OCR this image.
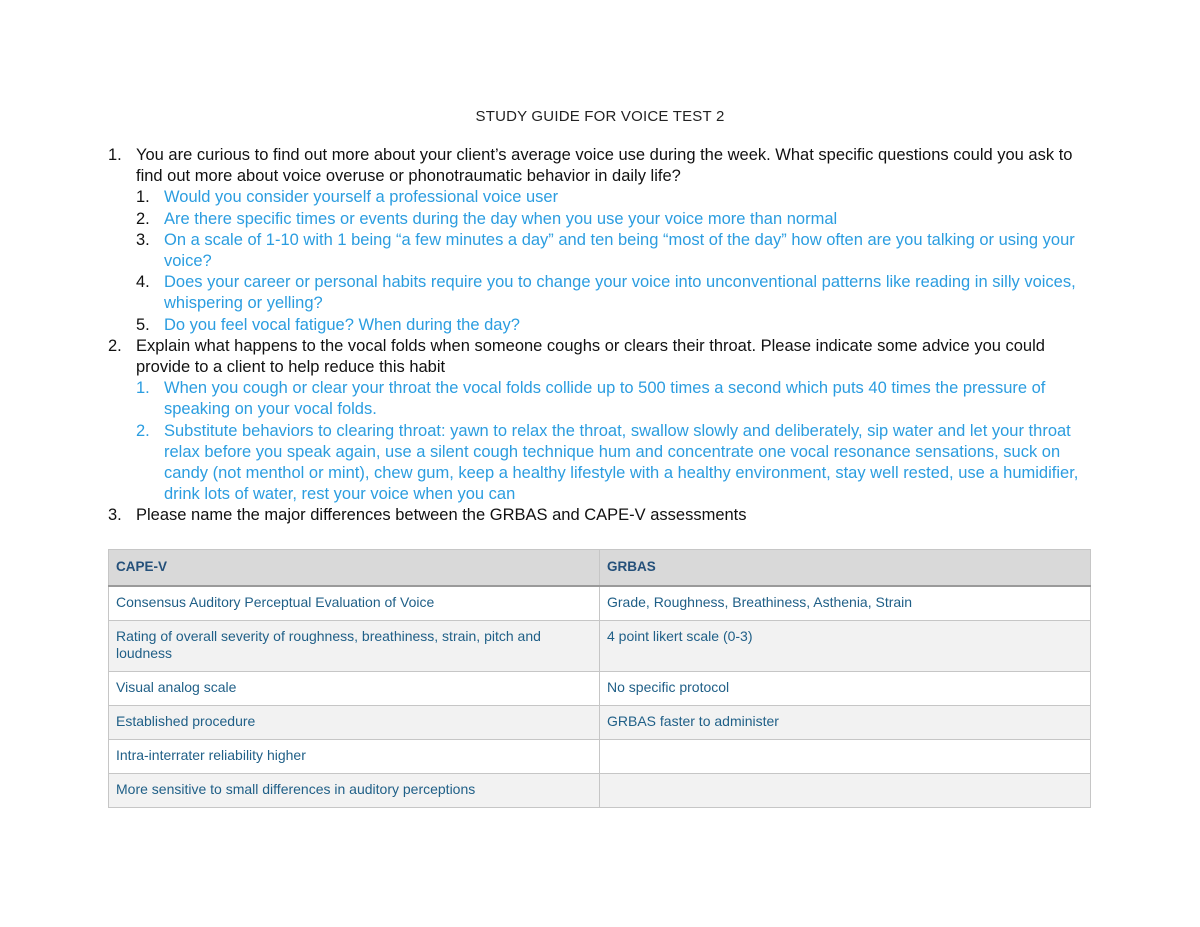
STUDY GUIDE FOR VOICE TEST 2
1. You are curious to find out more about your client’s average voice use during the week. What specific questions could you ask to find out more about voice overuse or phonotraumatic behavior in daily life?
1. Would you consider yourself a professional voice user
2. Are there specific times or events during the day when you use your voice more than normal
3. On a scale of 1-10 with 1 being “a few minutes a day” and ten being “most of the day” how often are you talking or using your voice?
4. Does your career or personal habits require you to change your voice into unconventional patterns like reading in silly voices, whispering or yelling?
5. Do you feel vocal fatigue? When during the day?
2. Explain what happens to the vocal folds when someone coughs or clears their throat. Please indicate some advice you could provide to a client to help reduce this habit
1. When you cough or clear your throat the vocal folds collide up to 500 times a second which puts 40 times the pressure of speaking on your vocal folds.
2. Substitute behaviors to clearing throat: yawn to relax the throat, swallow slowly and deliberately, sip water and let your throat relax before you speak again, use a silent cough technique hum and concentrate one vocal resonance sensations, suck on candy (not menthol or mint), chew gum, keep a healthy lifestyle with a healthy environment, stay well rested, use a humidifier, drink lots of water, rest your voice when you can
3. Please name the major differences between the GRBAS and CAPE-V assessments
CAPE-V	GRBAS
Consensus Auditory Perceptual Evaluation of Voice	Grade, Roughness, Breathiness, Asthenia, Strain
Rating of overall severity of roughness, breathiness, strain, pitch and loudness	4 point likert scale (0-3)
Visual analog scale	No specific protocol
Established procedure	GRBAS faster to administer
Intra-interrater reliability higher	
More sensitive to small differences in auditory perceptions	
